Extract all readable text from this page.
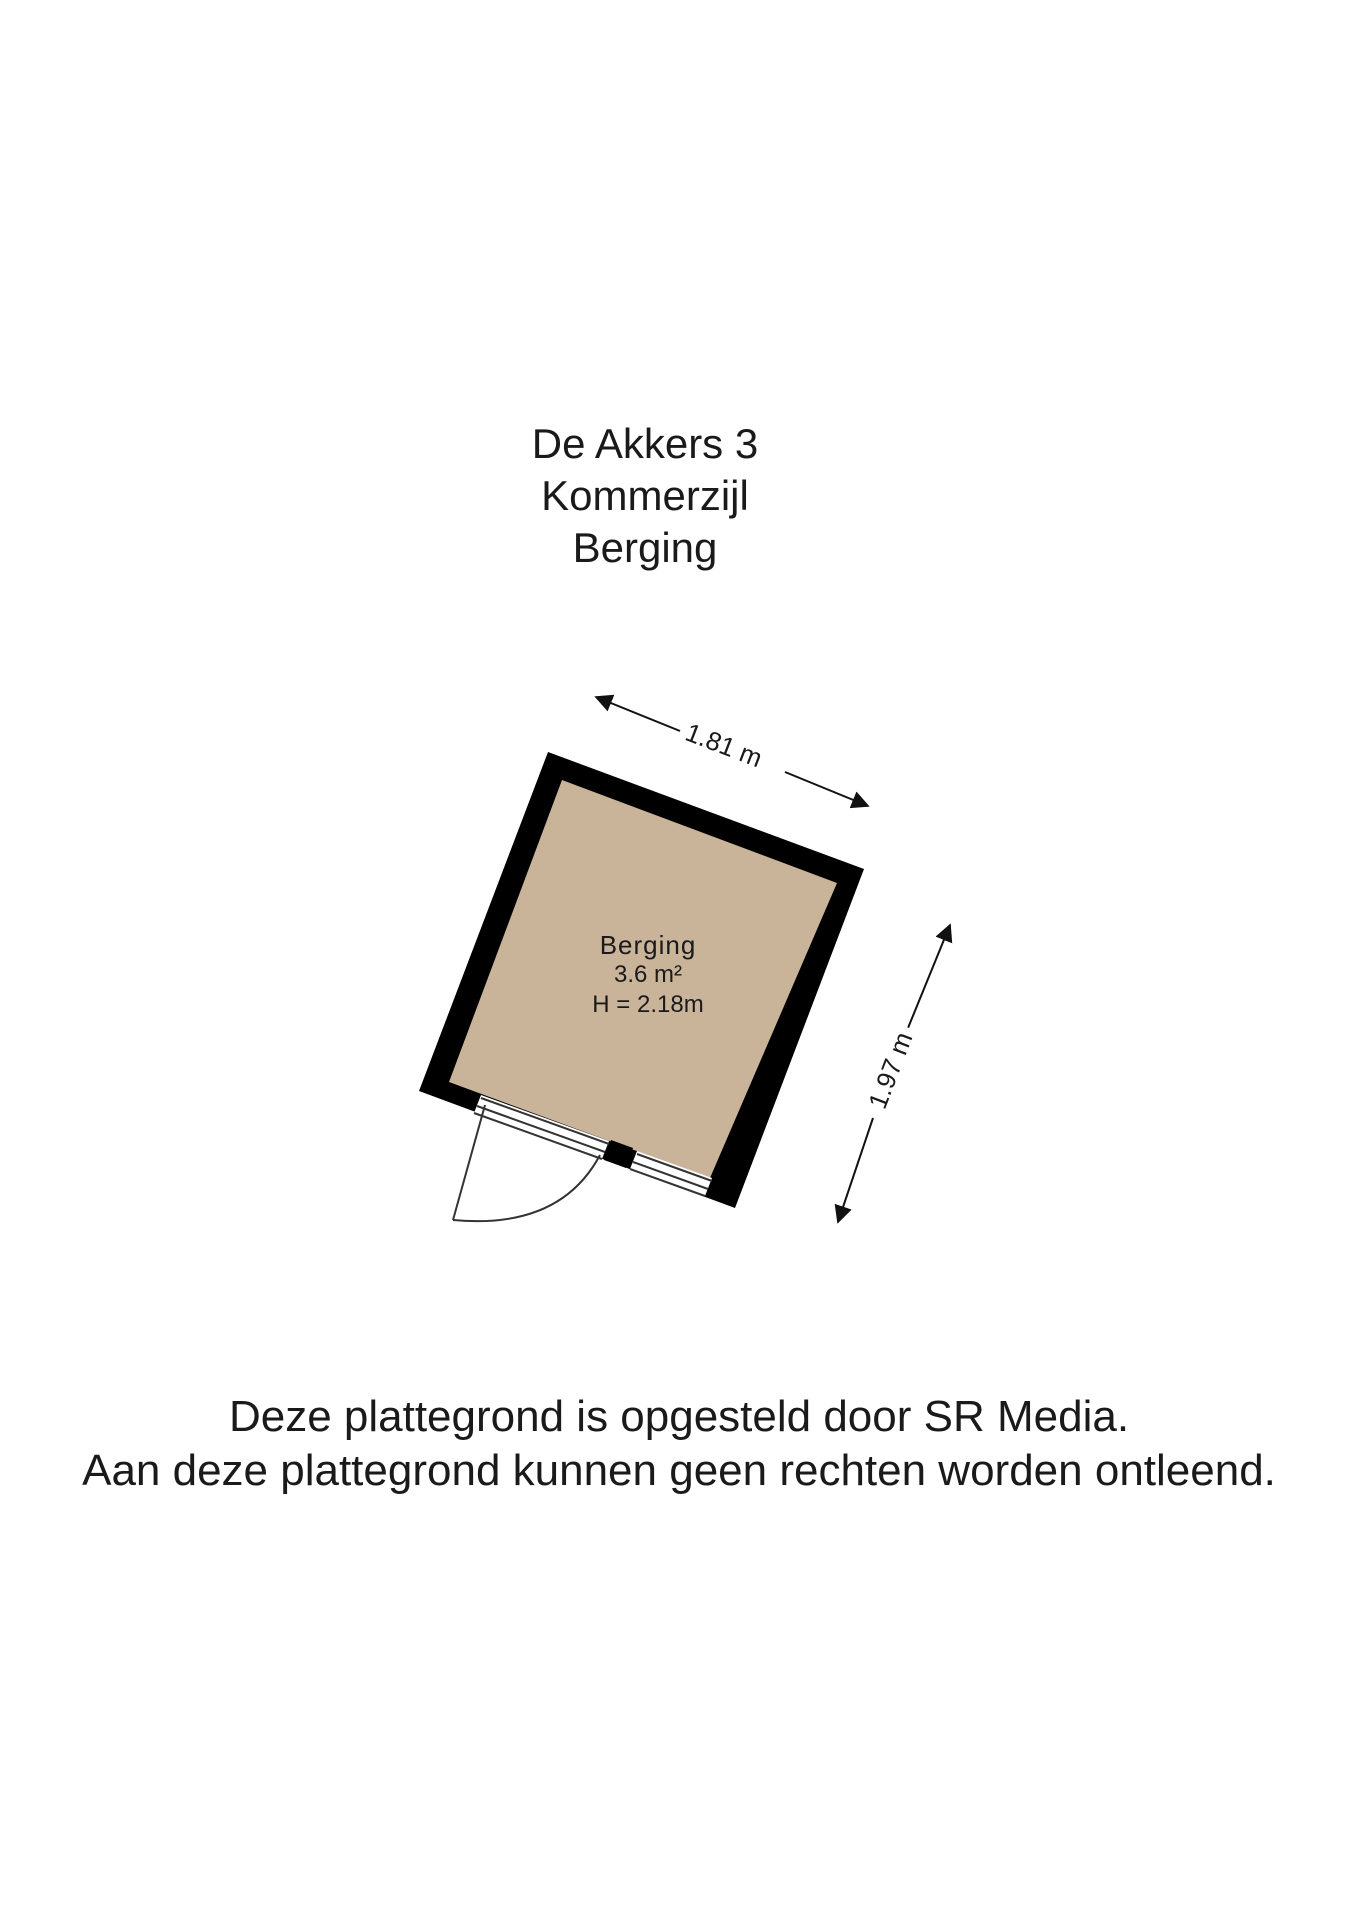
De Akkers 3
Kommerzijl
Berging
Berging
3.6 m²
H = 2.18m
1.81 m
1.97 m
Deze plattegrond is opgesteld door SR Media.
Aan deze plattegrond kunnen geen rechten worden ontleend.
